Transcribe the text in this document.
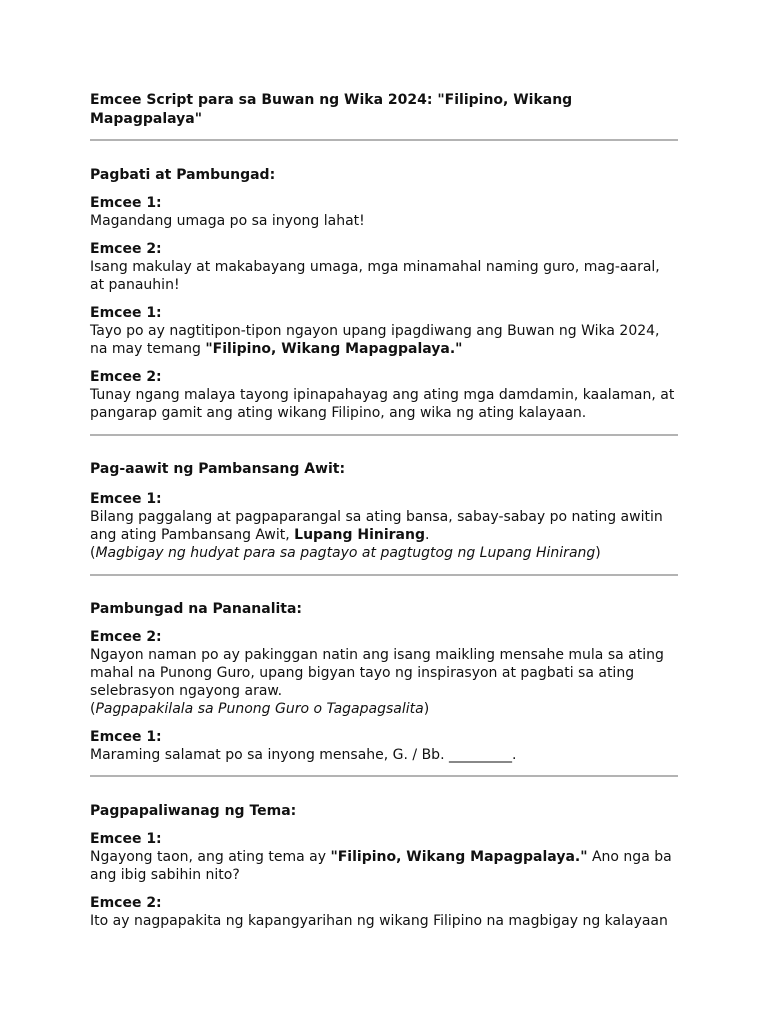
Emcee Script para sa Buwan ng Wika 2024: "Filipino, Wikang Mapagpalaya"

Pagbati at Pambungad:

Emcee 1:

Magandang umaga po sa inyong lahat!

Emcee 2:

Isang makulay at makabayang umaga, mga minamahal naming guro, mag-aaral, at panauhin!

Emcee 1:

Tayo po ay nagtitipon-tipon ngayon upang ipagdiwang ang Buwan ng Wika 2024, na may temang "Filipino, Wikang Mapagpalaya."

Emcee 2:

Tunay ngang malaya tayong ipinapahayag ang ating mga damdamin, kaalaman, at pangarap gamit ang ating wikang Filipino, ang wika ng ating kalayaan.

Pag-aawit ng Pambansang Awit:

Emcee 1:

Bilang paggalang at pagpaparangal sa ating bansa, sabay-sabay po nating awitin ang ating Pambansang Awit, Lupang Hinirang.

(Magbigay ng hudyat para sa pagtayo at pagtugtog ng Lupang Hinirang)

Pambungad na Pananalita:

Emcee 2:

Ngayon naman po ay pakinggan natin ang isang maikling mensahe mula sa ating mahal na Punong Guro, upang bigyan tayo ng inspirasyon at pagbati sa ating selebrasyon ngayong araw.

(Pagpapakilala sa Punong Guro o Tagapagsalita)

Emcee 1:

Maraming salamat po sa inyong mensahe, G. / Bb. _________.

Pagpapaliwanag ng Tema:

Emcee 1:

Ngayong taon, ang ating tema ay "Filipino, Wikang Mapagpalaya." Ano nga ba ang ibig sabihin nito?

Emcee 2:

Ito ay nagpapakita ng kapangyarihan ng wikang Filipino na magbigay ng kalayaan
